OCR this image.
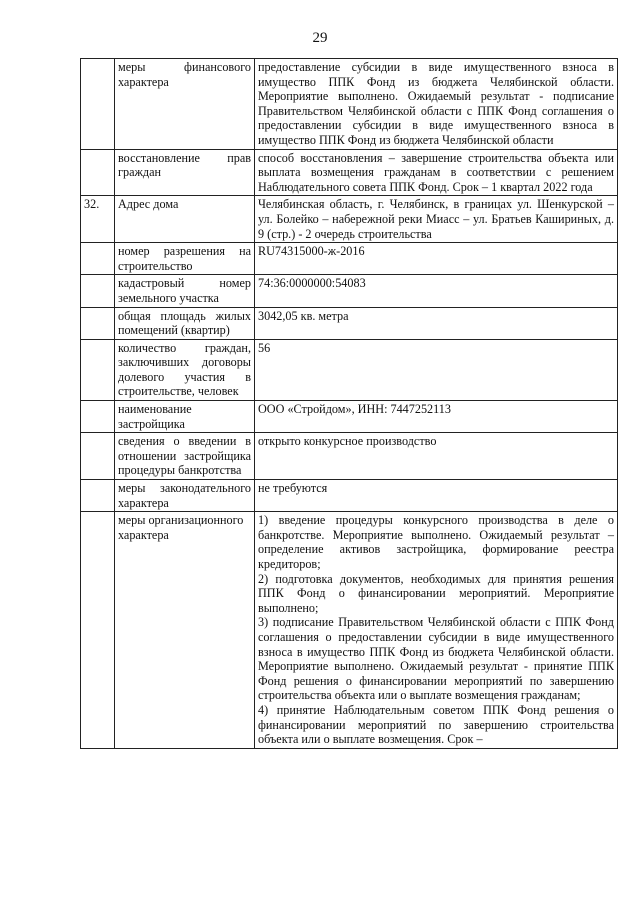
29
	меры финансового характера	предоставление субсидии в виде имущественного взноса в имущество ППК Фонд из бюджета Челябинской области. Мероприятие выполнено. Ожидаемый результат - подписание Правительством Челябинской области с ППК Фонд соглашения о предоставлении субсидии в виде имущественного взноса в имущество ППК Фонд из бюджета Челябинской области
	восстановление прав граждан	способ восстановления – завершение строительства объекта или выплата возмещения гражданам в соответствии с решением Наблюдательного совета ППК Фонд. Срок – 1 квартал 2022 года
32.	Адрес дома	Челябинская область, г. Челябинск, в границах ул. Шенкурской – ул. Болейко – набережной реки Миасс – ул. Братьев Кашириных, д. 9 (стр.) - 2 очередь строительства
	номер разрешения на строительство	RU74315000-ж-2016
	кадастровый номер земельного участка	74:36:0000000:54083
	общая площадь жилых помещений (квартир)	3042,05 кв. метра
	количество граждан, заключивших договоры долевого участия в строительстве, человек	56
	наименование застройщика	ООО «Стройдом», ИНН: 7447252113
	сведения о введении в отношении застройщика процедуры банкротства	открыто конкурсное производство
	меры законодательного характера	не требуются
	меры организационного характера	1) введение процедуры конкурсного производства в деле о банкротстве. Мероприятие выполнено. Ожидаемый результат – определение активов застройщика, формирование реестра кредиторов;
2) подготовка документов, необходимых для принятия решения ППК Фонд о финансировании мероприятий. Мероприятие выполнено;
3) подписание Правительством Челябинской области с ППК Фонд соглашения о предоставлении субсидии в виде имущественного взноса в имущество ППК Фонд из бюджета Челябинской области. Мероприятие выполнено. Ожидаемый результат - принятие ППК Фонд решения о финансировании мероприятий по завершению строительства объекта или о выплате возмещения гражданам;
4) принятие Наблюдательным советом ППК Фонд решения о финансировании мероприятий по завершению строительства объекта или о выплате возмещения. Срок –
